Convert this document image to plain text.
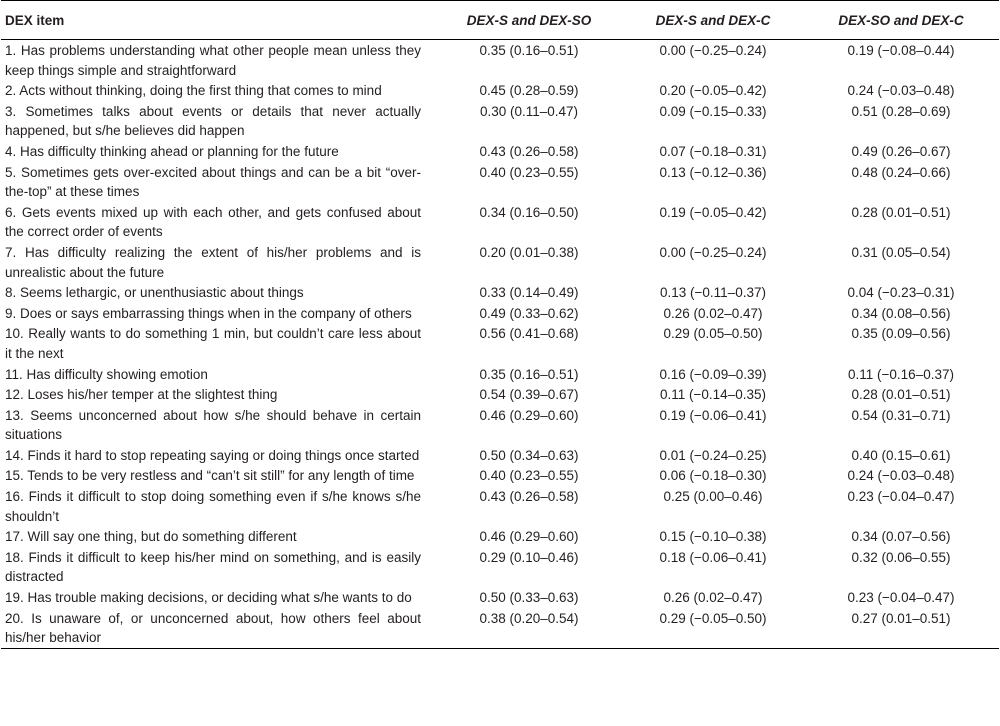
DEX item	DEX-S and DEX-SO	DEX-S and DEX-C	DEX-SO and DEX-C
1. Has problems understanding what other people mean unless they keep things simple and straightforward	0.35 (0.16–0.51)	0.00 (−0.25–0.24)	0.19 (−0.08–0.44)
2. Acts without thinking, doing the first thing that comes to mind	0.45 (0.28–0.59)	0.20 (−0.05–0.42)	0.24 (−0.03–0.48)
3. Sometimes talks about events or details that never actually happened, but s/he believes did happen	0.30 (0.11–0.47)	0.09 (−0.15–0.33)	0.51 (0.28–0.69)
4. Has difficulty thinking ahead or planning for the future	0.43 (0.26–0.58)	0.07 (−0.18–0.31)	0.49 (0.26–0.67)
5. Sometimes gets over-excited about things and can be a bit “over-the-top” at these times	0.40 (0.23–0.55)	0.13 (−0.12–0.36)	0.48 (0.24–0.66)
6. Gets events mixed up with each other, and gets confused about the correct order of events	0.34 (0.16–0.50)	0.19 (−0.05–0.42)	0.28 (0.01–0.51)
7. Has difficulty realizing the extent of his/her problems and is unrealistic about the future	0.20 (0.01–0.38)	0.00 (−0.25–0.24)	0.31 (0.05–0.54)
8. Seems lethargic, or unenthusiastic about things	0.33 (0.14–0.49)	0.13 (−0.11–0.37)	0.04 (−0.23–0.31)
9. Does or says embarrassing things when in the company of others	0.49 (0.33–0.62)	0.26 (0.02–0.47)	0.34 (0.08–0.56)
10. Really wants to do something 1 min, but couldn’t care less about it the next	0.56 (0.41–0.68)	0.29 (0.05–0.50)	0.35 (0.09–0.56)
11. Has difficulty showing emotion	0.35 (0.16–0.51)	0.16 (−0.09–0.39)	0.11 (−0.16–0.37)
12. Loses his/her temper at the slightest thing	0.54 (0.39–0.67)	0.11 (−0.14–0.35)	0.28 (0.01–0.51)
13. Seems unconcerned about how s/he should behave in certain situations	0.46 (0.29–0.60)	0.19 (−0.06–0.41)	0.54 (0.31–0.71)
14. Finds it hard to stop repeating saying or doing things once started	0.50 (0.34–0.63)	0.01 (−0.24–0.25)	0.40 (0.15–0.61)
15. Tends to be very restless and “can’t sit still” for any length of time	0.40 (0.23–0.55)	0.06 (−0.18–0.30)	0.24 (−0.03–0.48)
16. Finds it difficult to stop doing something even if s/he knows s/he shouldn’t	0.43 (0.26–0.58)	0.25 (0.00–0.46)	0.23 (−0.04–0.47)
17. Will say one thing, but do something different	0.46 (0.29–0.60)	0.15 (−0.10–0.38)	0.34 (0.07–0.56)
18. Finds it difficult to keep his/her mind on something, and is easily distracted	0.29 (0.10–0.46)	0.18 (−0.06–0.41)	0.32 (0.06–0.55)
19. Has trouble making decisions, or deciding what s/he wants to do	0.50 (0.33–0.63)	0.26 (0.02–0.47)	0.23 (−0.04–0.47)
20. Is unaware of, or unconcerned about, how others feel about his/her behavior	0.38 (0.20–0.54)	0.29 (−0.05–0.50)	0.27 (0.01–0.51)
